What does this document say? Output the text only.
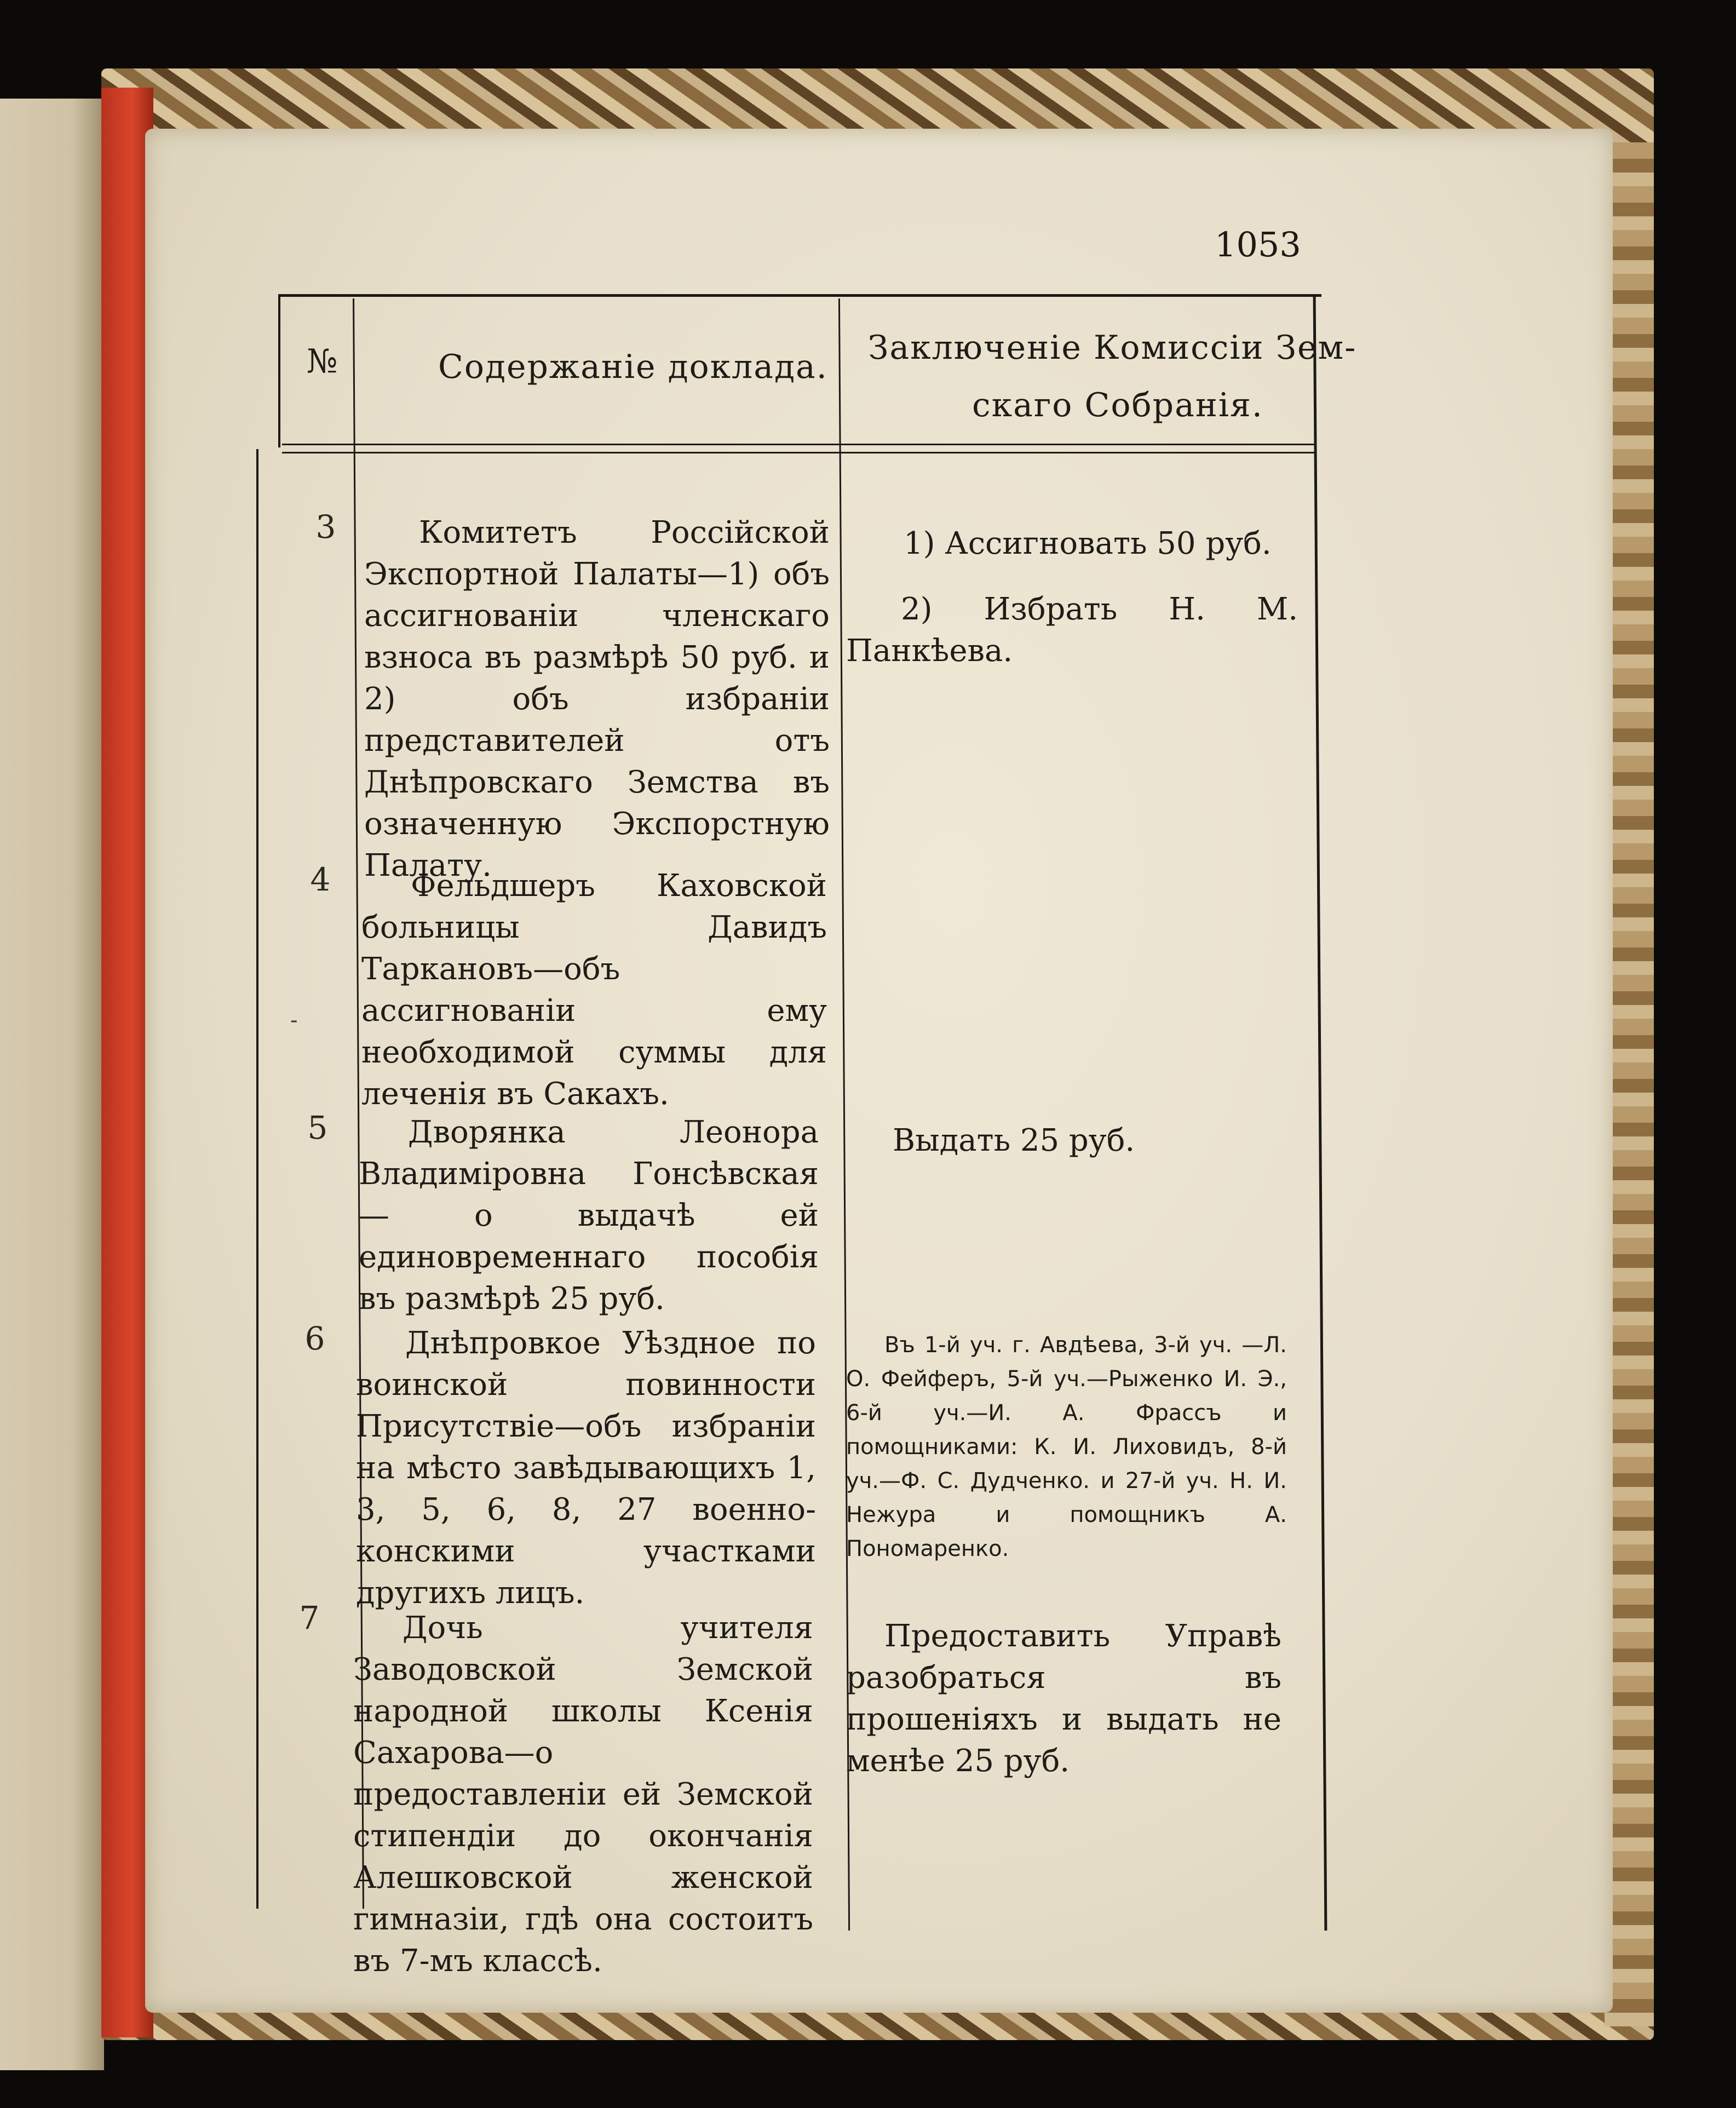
1053
№	Содержаніе доклада. Заключеніе Комиссіи Зем-
скаго Собранія.
3	Комитетъ Россійской Экспортной Палаты—1) объ ассигнованіи членскаго взноса въ размѣрѣ 50 руб. и 2) объ избраніи представителей отъ Днѣпровскаго Земства въ означенную Экспорстную Палату.
1) Ассигновать 50 руб.
2) Избрать Н. М. Панкѣева.
4	Фельдшеръ Каховской больницы Давидъ Таркановъ—объ ассигнованіи ему необходимой суммы для леченія въ Сакахъ.
-
5	Дворянка Леонора Владиміровна Гонсѣвская — о выдачѣ ей единовременнаго пособія въ размѣрѣ 25 руб.
Выдать 25 руб.
6	Днѣпровкое Уѣздное по воинской повинности Присутствіе—объ избраніи на мѣсто завѣдывающихъ 1, 3, 5, 6, 8, 27 военно-конскими участками другихъ лицъ.
Въ 1-й уч. г. Авдѣева, 3-й уч. —Л. О. Фейферъ, 5-й уч.—Рыженко И. Э., 6-й уч.—И. А. Фрассъ и помощниками: К. И. Лиховидъ, 8-й уч.—Ф. С. Дудченко. и 27-й уч. Н. И. Нежура и помощникъ А. Пономаренко.
7	Дочь учителя Заводовской Земской народной школы Ксенія Сахарова—о предоставленіи ей Земской стипендіи до окончанія Алешковской женской гимназіи, гдѣ она состоитъ въ 7-мъ классѣ.
Предоставить Управѣ разобраться въ прошеніяхъ и выдать не менѣе 25 руб.
